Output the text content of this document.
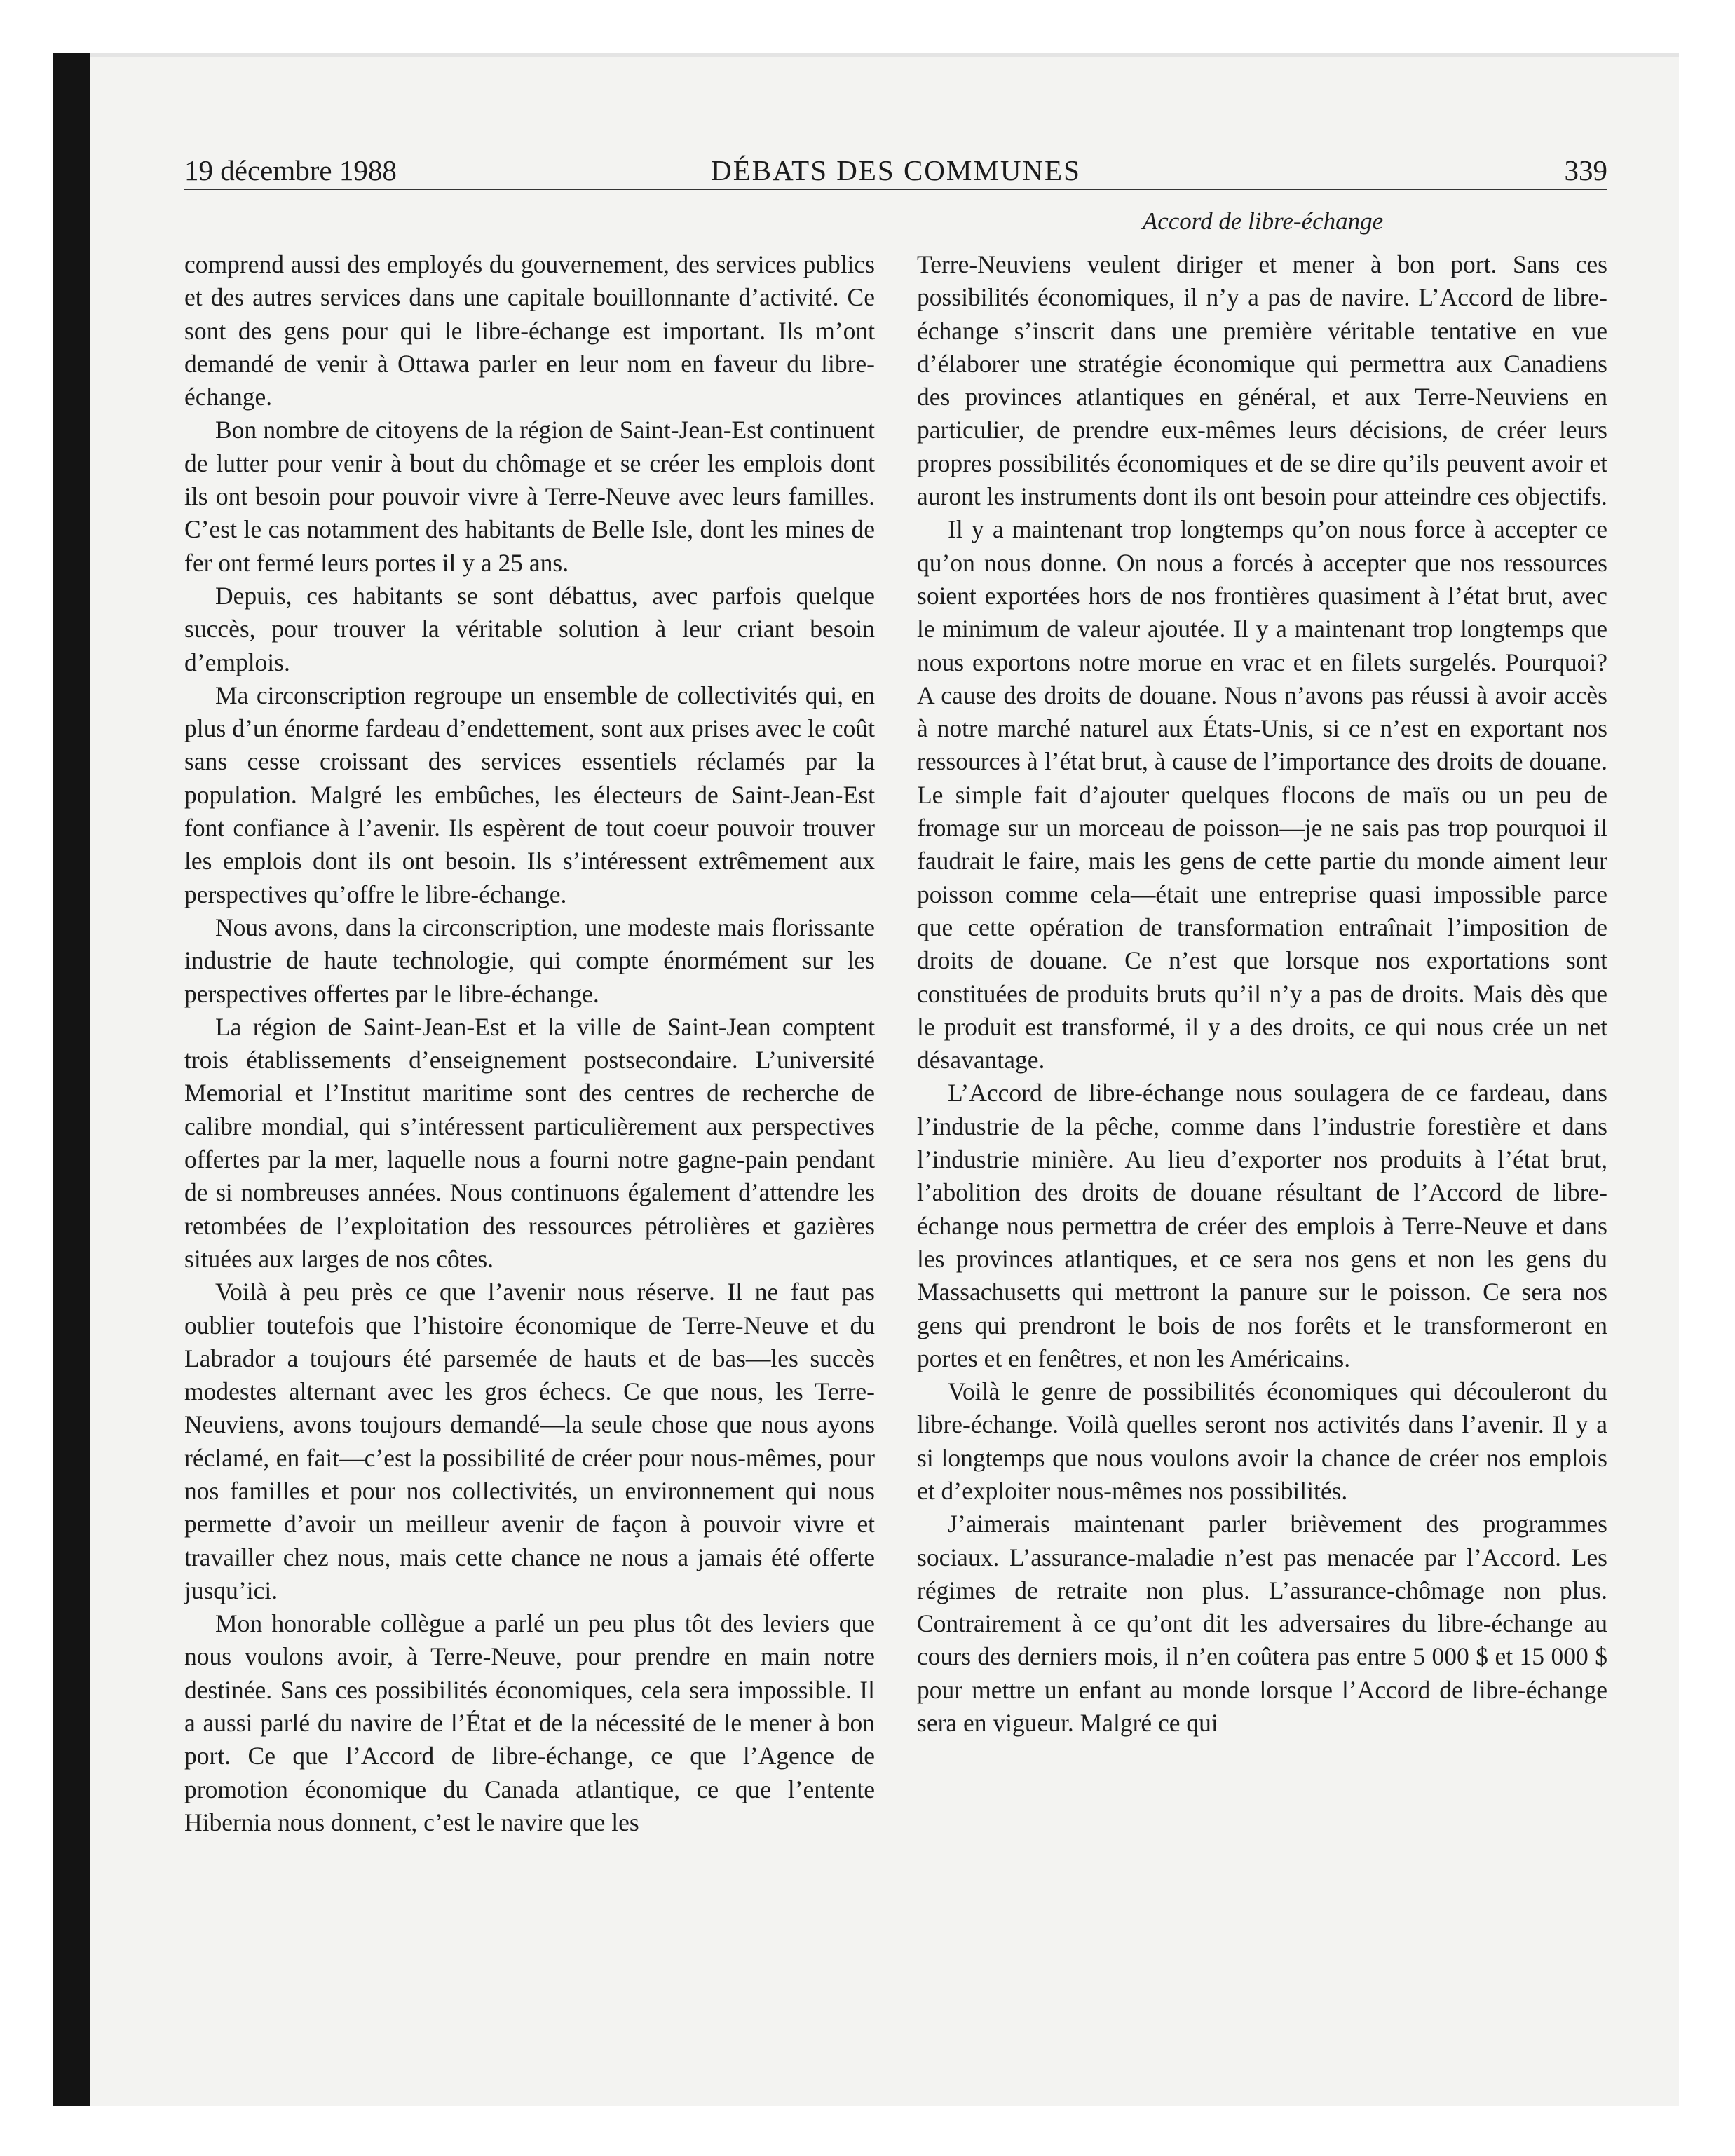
19 décembre 1988	DÉBATS DES COMMUNES	339
Accord de libre-échange

comprend aussi des employés du gouvernement, des services publics et des autres services dans une capitale bouillonnante d’activité. Ce sont des gens pour qui le libre-échange est important. Ils m’ont demandé de venir à Ottawa parler en leur nom en faveur du libre-échange.

Bon nombre de citoyens de la région de Saint-Jean-Est continuent de lutter pour venir à bout du chômage et se créer les emplois dont ils ont besoin pour pouvoir vivre à Terre-Neuve avec leurs familles. C’est le cas notamment des habitants de Belle Isle, dont les mines de fer ont fermé leurs portes il y a 25 ans.

Depuis, ces habitants se sont débattus, avec parfois quelque succès, pour trouver la véritable solution à leur criant besoin d’emplois.

Ma circonscription regroupe un ensemble de collectivités qui, en plus d’un énorme fardeau d’endettement, sont aux prises avec le coût sans cesse croissant des services essentiels réclamés par la population. Malgré les embûches, les électeurs de Saint-Jean-Est font confiance à l’avenir. Ils espèrent de tout coeur pouvoir trouver les emplois dont ils ont besoin. Ils s’intéressent extrêmement aux perspectives qu’offre le libre-échange.

Nous avons, dans la circonscription, une modeste mais florissante industrie de haute technologie, qui compte énormément sur les perspectives offertes par le libre-échange.

La région de Saint-Jean-Est et la ville de Saint-Jean comptent trois établissements d’enseignement postsecondaire. L’université Memorial et l’Institut maritime sont des centres de recherche de calibre mondial, qui s’intéressent particulièrement aux perspectives offertes par la mer, laquelle nous a fourni notre gagne-pain pendant de si nombreuses années. Nous continuons également d’attendre les retombées de l’exploitation des ressources pétrolières et gazières situées aux larges de nos côtes.

Voilà à peu près ce que l’avenir nous réserve. Il ne faut pas oublier toutefois que l’histoire économique de Terre-Neuve et du Labrador a toujours été parsemée de hauts et de bas—les succès modestes alternant avec les gros échecs. Ce que nous, les Terre-Neuviens, avons toujours demandé—la seule chose que nous ayons réclamé, en fait—c’est la possibilité de créer pour nous-mêmes, pour nos familles et pour nos collectivités, un environnement qui nous permette d’avoir un meilleur avenir de façon à pouvoir vivre et travailler chez nous, mais cette chance ne nous a jamais été offerte jusqu’ici.

Mon honorable collègue a parlé un peu plus tôt des leviers que nous voulons avoir, à Terre-Neuve, pour prendre en main notre destinée. Sans ces possibilités économiques, cela sera impossible. Il a aussi parlé du navire de l’État et de la nécessité de le mener à bon port. Ce que l’Accord de libre-échange, ce que l’Agence de promotion économique du Canada atlantique, ce que l’entente Hibernia nous donnent, c’est le navire que les

Terre-Neuviens veulent diriger et mener à bon port. Sans ces possibilités économiques, il n’y a pas de navire. L’Accord de libre-échange s’inscrit dans une première véritable tentative en vue d’élaborer une stratégie économique qui permettra aux Canadiens des provinces atlantiques en général, et aux Terre-Neuviens en particulier, de prendre eux-mêmes leurs décisions, de créer leurs propres possibilités économiques et de se dire qu’ils peuvent avoir et auront les instruments dont ils ont besoin pour atteindre ces objectifs.

Il y a maintenant trop longtemps qu’on nous force à accepter ce qu’on nous donne. On nous a forcés à accepter que nos ressources soient exportées hors de nos frontières quasiment à l’état brut, avec le minimum de valeur ajoutée. Il y a maintenant trop longtemps que nous exportons notre morue en vrac et en filets surgelés. Pourquoi? A cause des droits de douane. Nous n’avons pas réussi à avoir accès à notre marché naturel aux États-Unis, si ce n’est en exportant nos ressources à l’état brut, à cause de l’importance des droits de douane. Le simple fait d’ajouter quelques flocons de maïs ou un peu de fromage sur un morceau de poisson—je ne sais pas trop pourquoi il faudrait le faire, mais les gens de cette partie du monde aiment leur poisson comme cela—était une entreprise quasi impossible parce que cette opération de transformation entraînait l’imposition de droits de douane. Ce n’est que lorsque nos exportations sont constituées de produits bruts qu’il n’y a pas de droits. Mais dès que le produit est transformé, il y a des droits, ce qui nous crée un net désavantage.

L’Accord de libre-échange nous soulagera de ce fardeau, dans l’industrie de la pêche, comme dans l’industrie forestière et dans l’industrie minière. Au lieu d’exporter nos produits à l’état brut, l’abolition des droits de douane résultant de l’Accord de libre-échange nous permettra de créer des emplois à Terre-Neuve et dans les provinces atlantiques, et ce sera nos gens et non les gens du Massachusetts qui mettront la panure sur le poisson. Ce sera nos gens qui prendront le bois de nos forêts et le transformeront en portes et en fenêtres, et non les Américains.

Voilà le genre de possibilités économiques qui découleront du libre-échange. Voilà quelles seront nos activités dans l’avenir. Il y a si longtemps que nous voulons avoir la chance de créer nos emplois et d’exploiter nous-mêmes nos possibilités.

J’aimerais maintenant parler brièvement des programmes sociaux. L’assurance-maladie n’est pas menacée par l’Accord. Les régimes de retraite non plus. L’assurance-chômage non plus. Contrairement à ce qu’ont dit les adversaires du libre-échange au cours des derniers mois, il n’en coûtera pas entre 5 000 $ et 15 000 $ pour mettre un enfant au monde lorsque l’Accord de libre-échange sera en vigueur. Malgré ce qui
